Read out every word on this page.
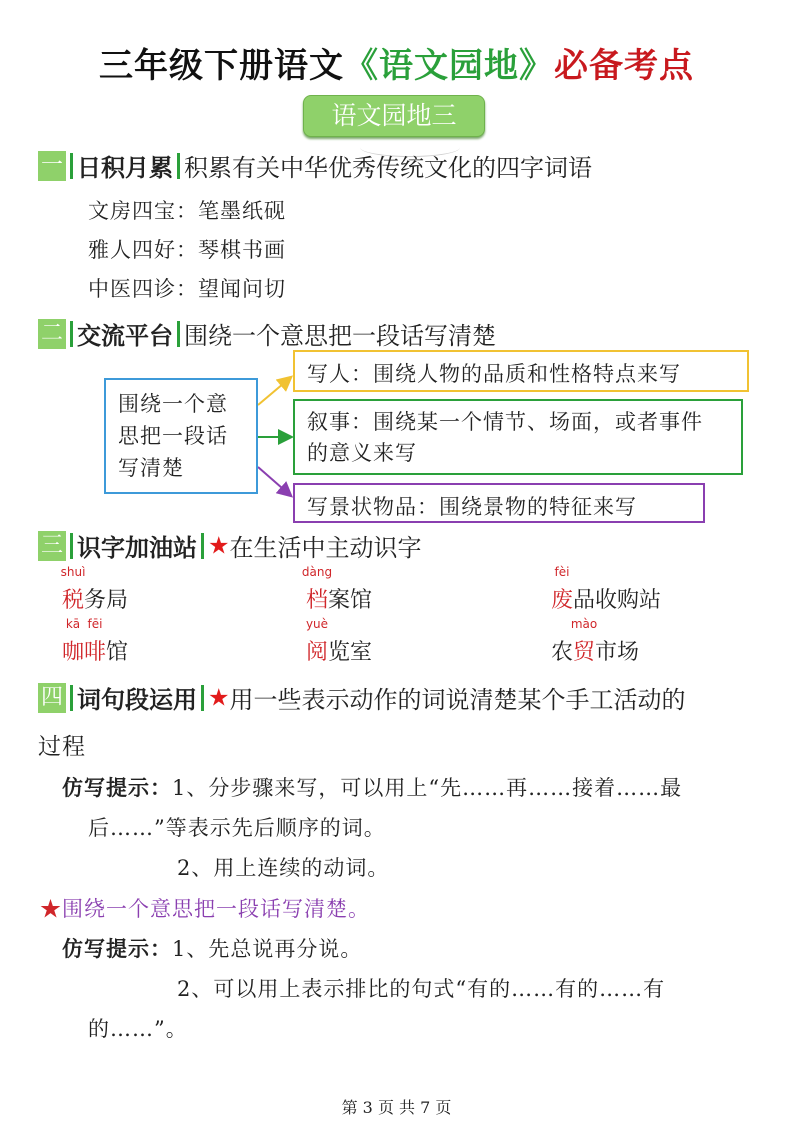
三年级下册语文《语文园地》必备考点
语文园地三
一 日积月累 积累有关中华优秀传统文化的四字词语
文房四宝：笔墨纸砚
雅人四好：琴棋书画
中医四诊：望闻问切
二 交流平台 围绕一个意思把一段话写清楚
围绕一个意
思把一段话
写清楚
写人：围绕人物的品质和性格特点来写
叙事：围绕某一个情节、场面，或者事件
的意义来写
写景状物品：围绕景物的特征来写
三 识字加油站 ★在生活中主动识字
shuì
税务局
dàng
档案馆
fèi
废品收购站
kā
咖
fēi
啡馆
yuè
阅览室	农
mào
贸市场
四 词句段运用 ★用一些表示动作的词说清楚某个手工活动的
过程
仿写提示：1、分步骤来写，可以用上“先……再……接着……最
后……”等表示先后顺序的词。
2、用上连续的动词。
★围绕一个意思把一段话写清楚。
仿写提示：1、先总说再分说。
2、可以用上表示排比的句式“有的……有的……有
的……”。
第 3 页 共 7 页
